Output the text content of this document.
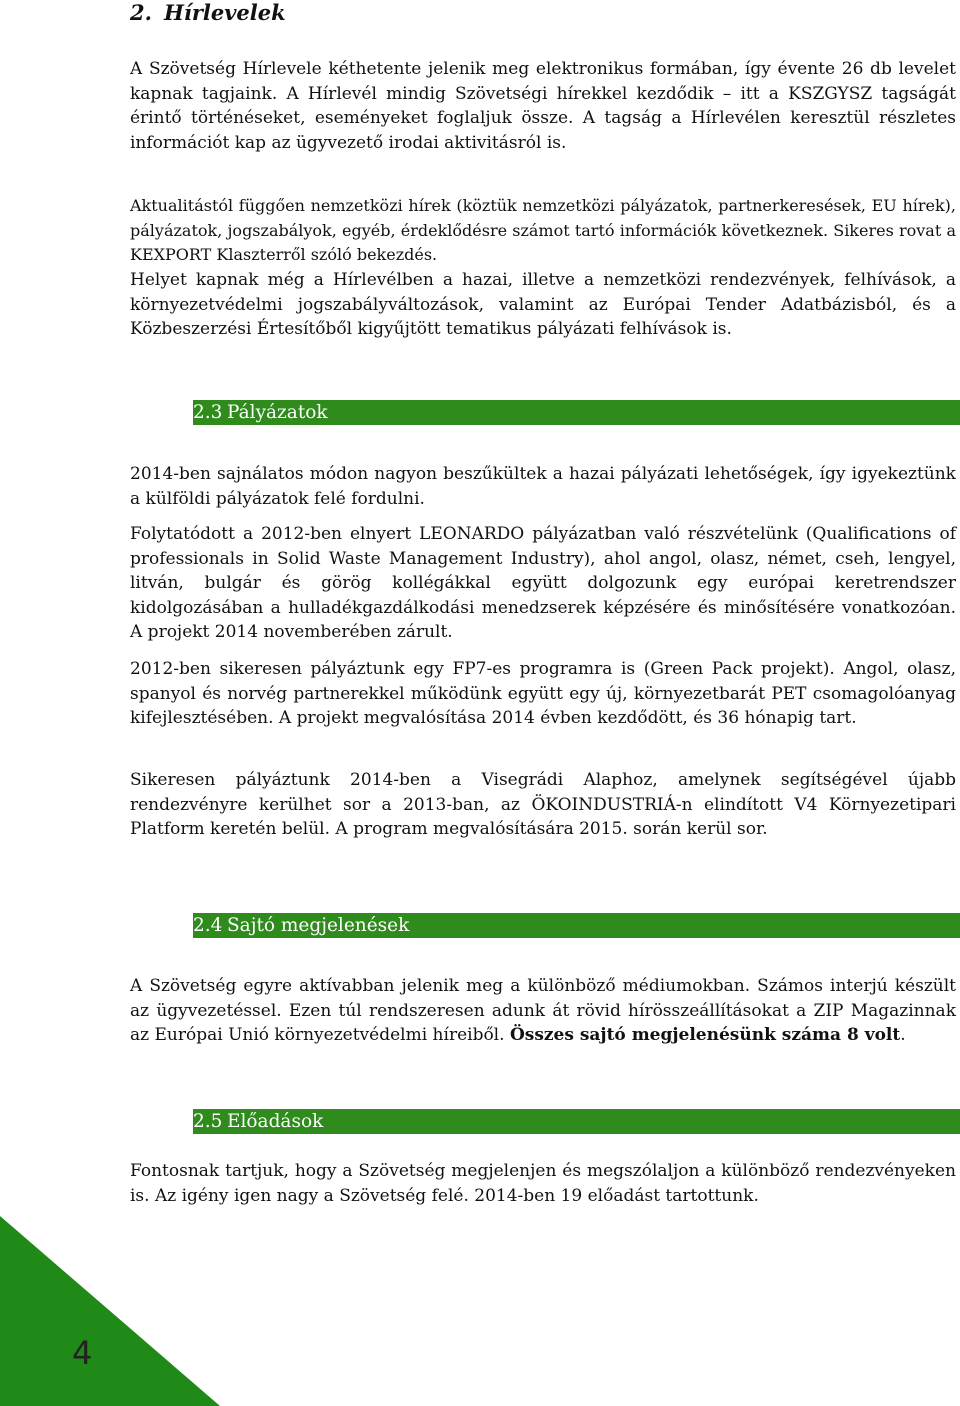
2. Hírlevelek

A Szövetség Hírlevele kéthetente jelenik meg elektronikus formában, így évente 26 db levelet kapnak tagjaink. A Hírlevél mindig Szövetségi hírekkel kezdődik – itt a KSZGYSZ tagságát érintő történéseket, eseményeket foglaljuk össze. A tagság a Hírlevélen keresztül részletes információt kap az ügyvezető irodai aktivitásról is.

Aktualitástól függően nemzetközi hírek (köztük nemzetközi pályázatok, partnerkeresések, EU hírek), pályázatok, jogszabályok, egyéb, érdeklődésre számot tartó információk következnek. Sikeres rovat a KEXPORT Klaszterről szóló bekezdés.

Helyet kapnak még a Hírlevélben a hazai, illetve a nemzetközi rendezvények, felhívások, a környezetvédelmi jogszabályváltozások, valamint az Európai Tender Adatbázisból, és a Közbeszerzési Értesítőből kigyűjtött tematikus pályázati felhívások is.

2.3 Pályázatok

2014-ben sajnálatos módon nagyon beszűkültek a hazai pályázati lehetőségek, így igyekeztünk a külföldi pályázatok felé fordulni.

Folytatódott a 2012-ben elnyert LEONARDO pályázatban való részvételünk (Qualifications of professionals in Solid Waste Management Industry), ahol angol, olasz, német, cseh, lengyel, litván, bulgár és görög kollégákkal együtt dolgozunk egy európai keretrendszer kidolgozásában a hulladékgazdálkodási menedzserek képzésére és minősítésére vonatkozóan. A projekt 2014 novemberében zárult.

2012-ben sikeresen pályáztunk egy FP7-es programra is (Green Pack projekt). Angol, olasz, spanyol és norvég partnerekkel működünk együtt egy új, környezetbarát PET csomagolóanyag kifejlesztésében. A projekt megvalósítása 2014 évben kezdődött, és 36 hónapig tart.

Sikeresen pályáztunk 2014-ben a Visegrádi Alaphoz, amelynek segítségével újabb rendezvényre kerülhet sor a 2013-ban, az ÖKOINDUSTRIÁ-n elindított V4 Környezetipari Platform keretén belül. A program megvalósítására 2015. során kerül sor.

2.4 Sajtó megjelenések

A Szövetség egyre aktívabban jelenik meg a különböző médiumokban. Számos interjú készült az ügyvezetéssel. Ezen túl rendszeresen adunk át rövid hírösszeállításokat a ZIP Magazinnak az Európai Unió környezetvédelmi híreiből. Összes sajtó megjelenésünk száma 8 volt.

2.5 Előadások

Fontosnak tartjuk, hogy a Szövetség megjelenjen és megszólaljon a különböző rendezvényeken is. Az igény igen nagy a Szövetség felé. 2014-ben 19 előadást tartottunk.

4
